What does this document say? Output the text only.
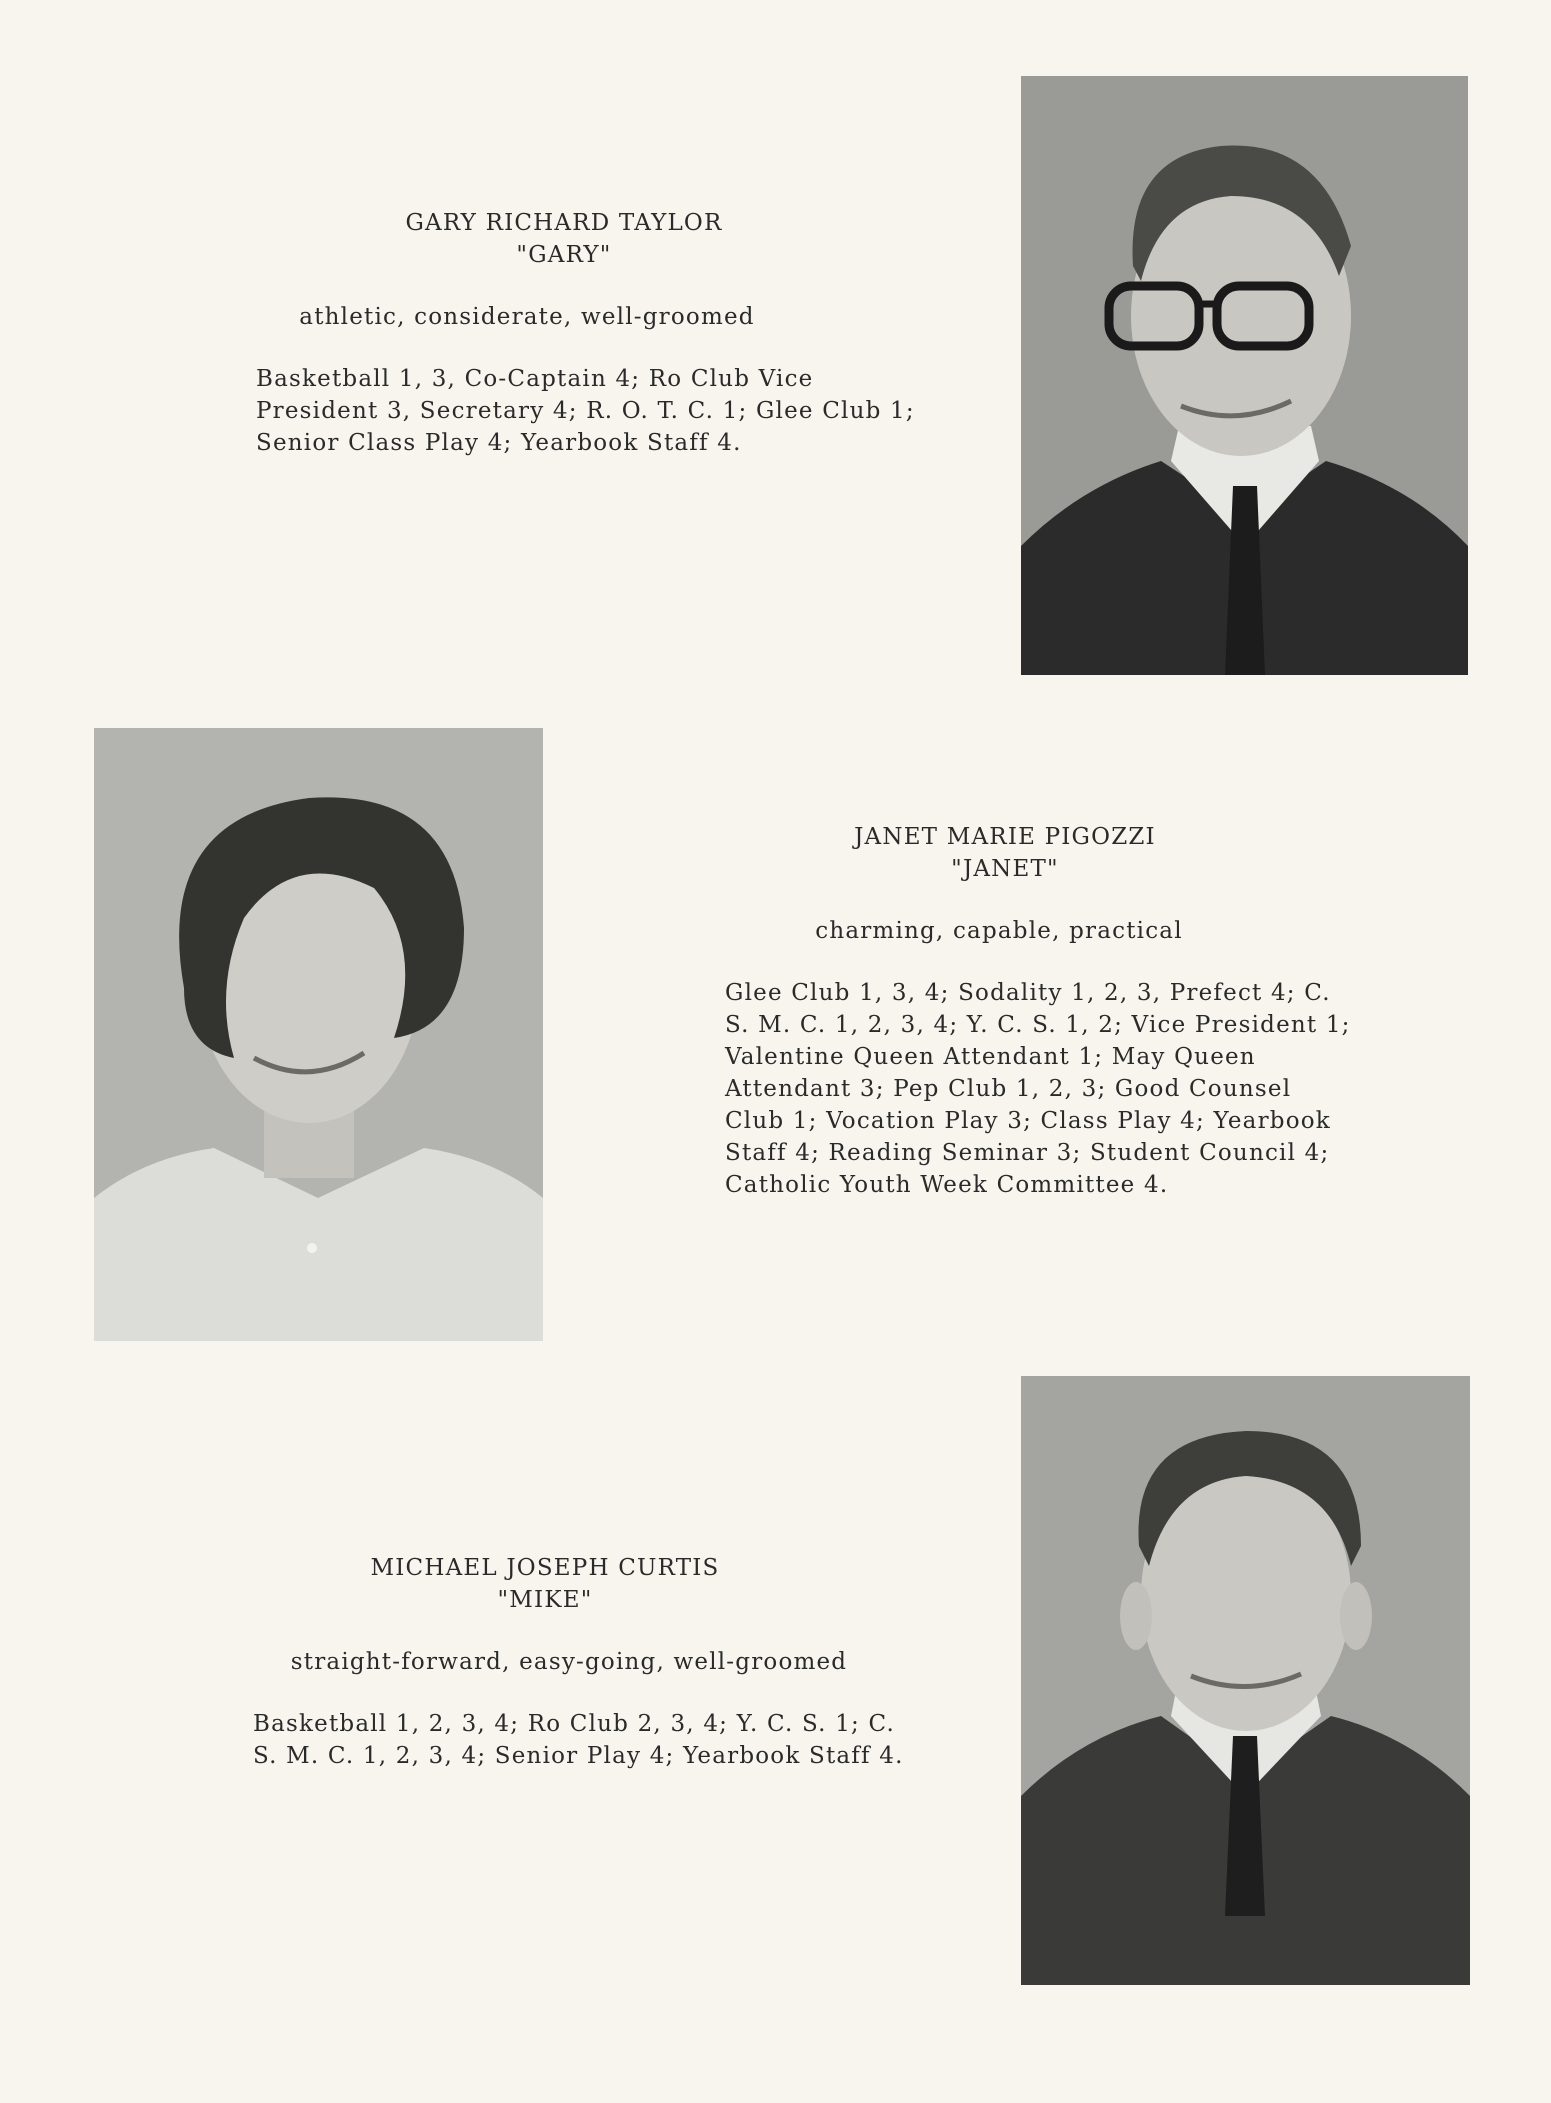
GARY RICHARD TAYLOR

"GARY"

athletic, considerate, well-groomed

Basketball 1, 3, Co-Captain 4; Ro Club Vice President 3, Secretary 4; R. O. T. C. 1; Glee Club 1; Senior Class Play 4; Yearbook Staff 4.

JANET MARIE PIGOZZI

"JANET"

charming, capable, practical

Glee Club 1, 3, 4; Sodality 1, 2, 3, Prefect 4; C. S. M. C. 1, 2, 3, 4; Y. C. S. 1, 2; Vice President 1; Valentine Queen Attendant 1; May Queen Attendant 3; Pep Club 1, 2, 3; Good Counsel Club 1; Vocation Play 3; Class Play 4; Yearbook Staff 4; Reading Seminar 3; Student Council 4; Catholic Youth Week Committee 4.

MICHAEL JOSEPH CURTIS

"MIKE"

straight-forward, easy-going, well-groomed

Basketball 1, 2, 3, 4; Ro Club 2, 3, 4; Y. C. S. 1; C. S. M. C. 1, 2, 3, 4; Senior Play 4; Yearbook Staff 4.
